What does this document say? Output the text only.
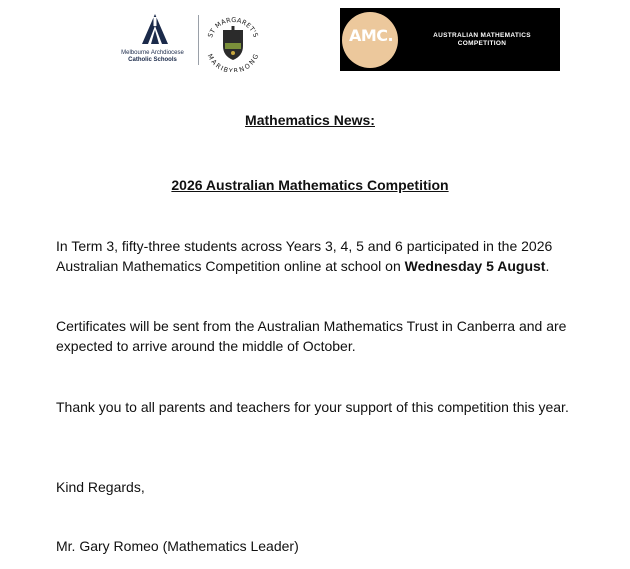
Melbourne Archdiocese
Catholic Schools
ST MARGARET'S
MARIBYRNONG
AMC.	AUSTRALIAN MATHEMATICS
COMPETITION
Mathematics News:
2026 Australian Mathematics Competition

In Term 3, fifty-three students across Years 3, 4, 5 and 6 participated in the 2026 Australian Mathematics Competition online at school on Wednesday 5 August.

Certificates will be sent from the Australian Mathematics Trust in Canberra and are expected to arrive around the middle of October.

Thank you to all parents and teachers for your support of this competition this year.

Kind Regards,

Mr. Gary Romeo (Mathematics Leader)
